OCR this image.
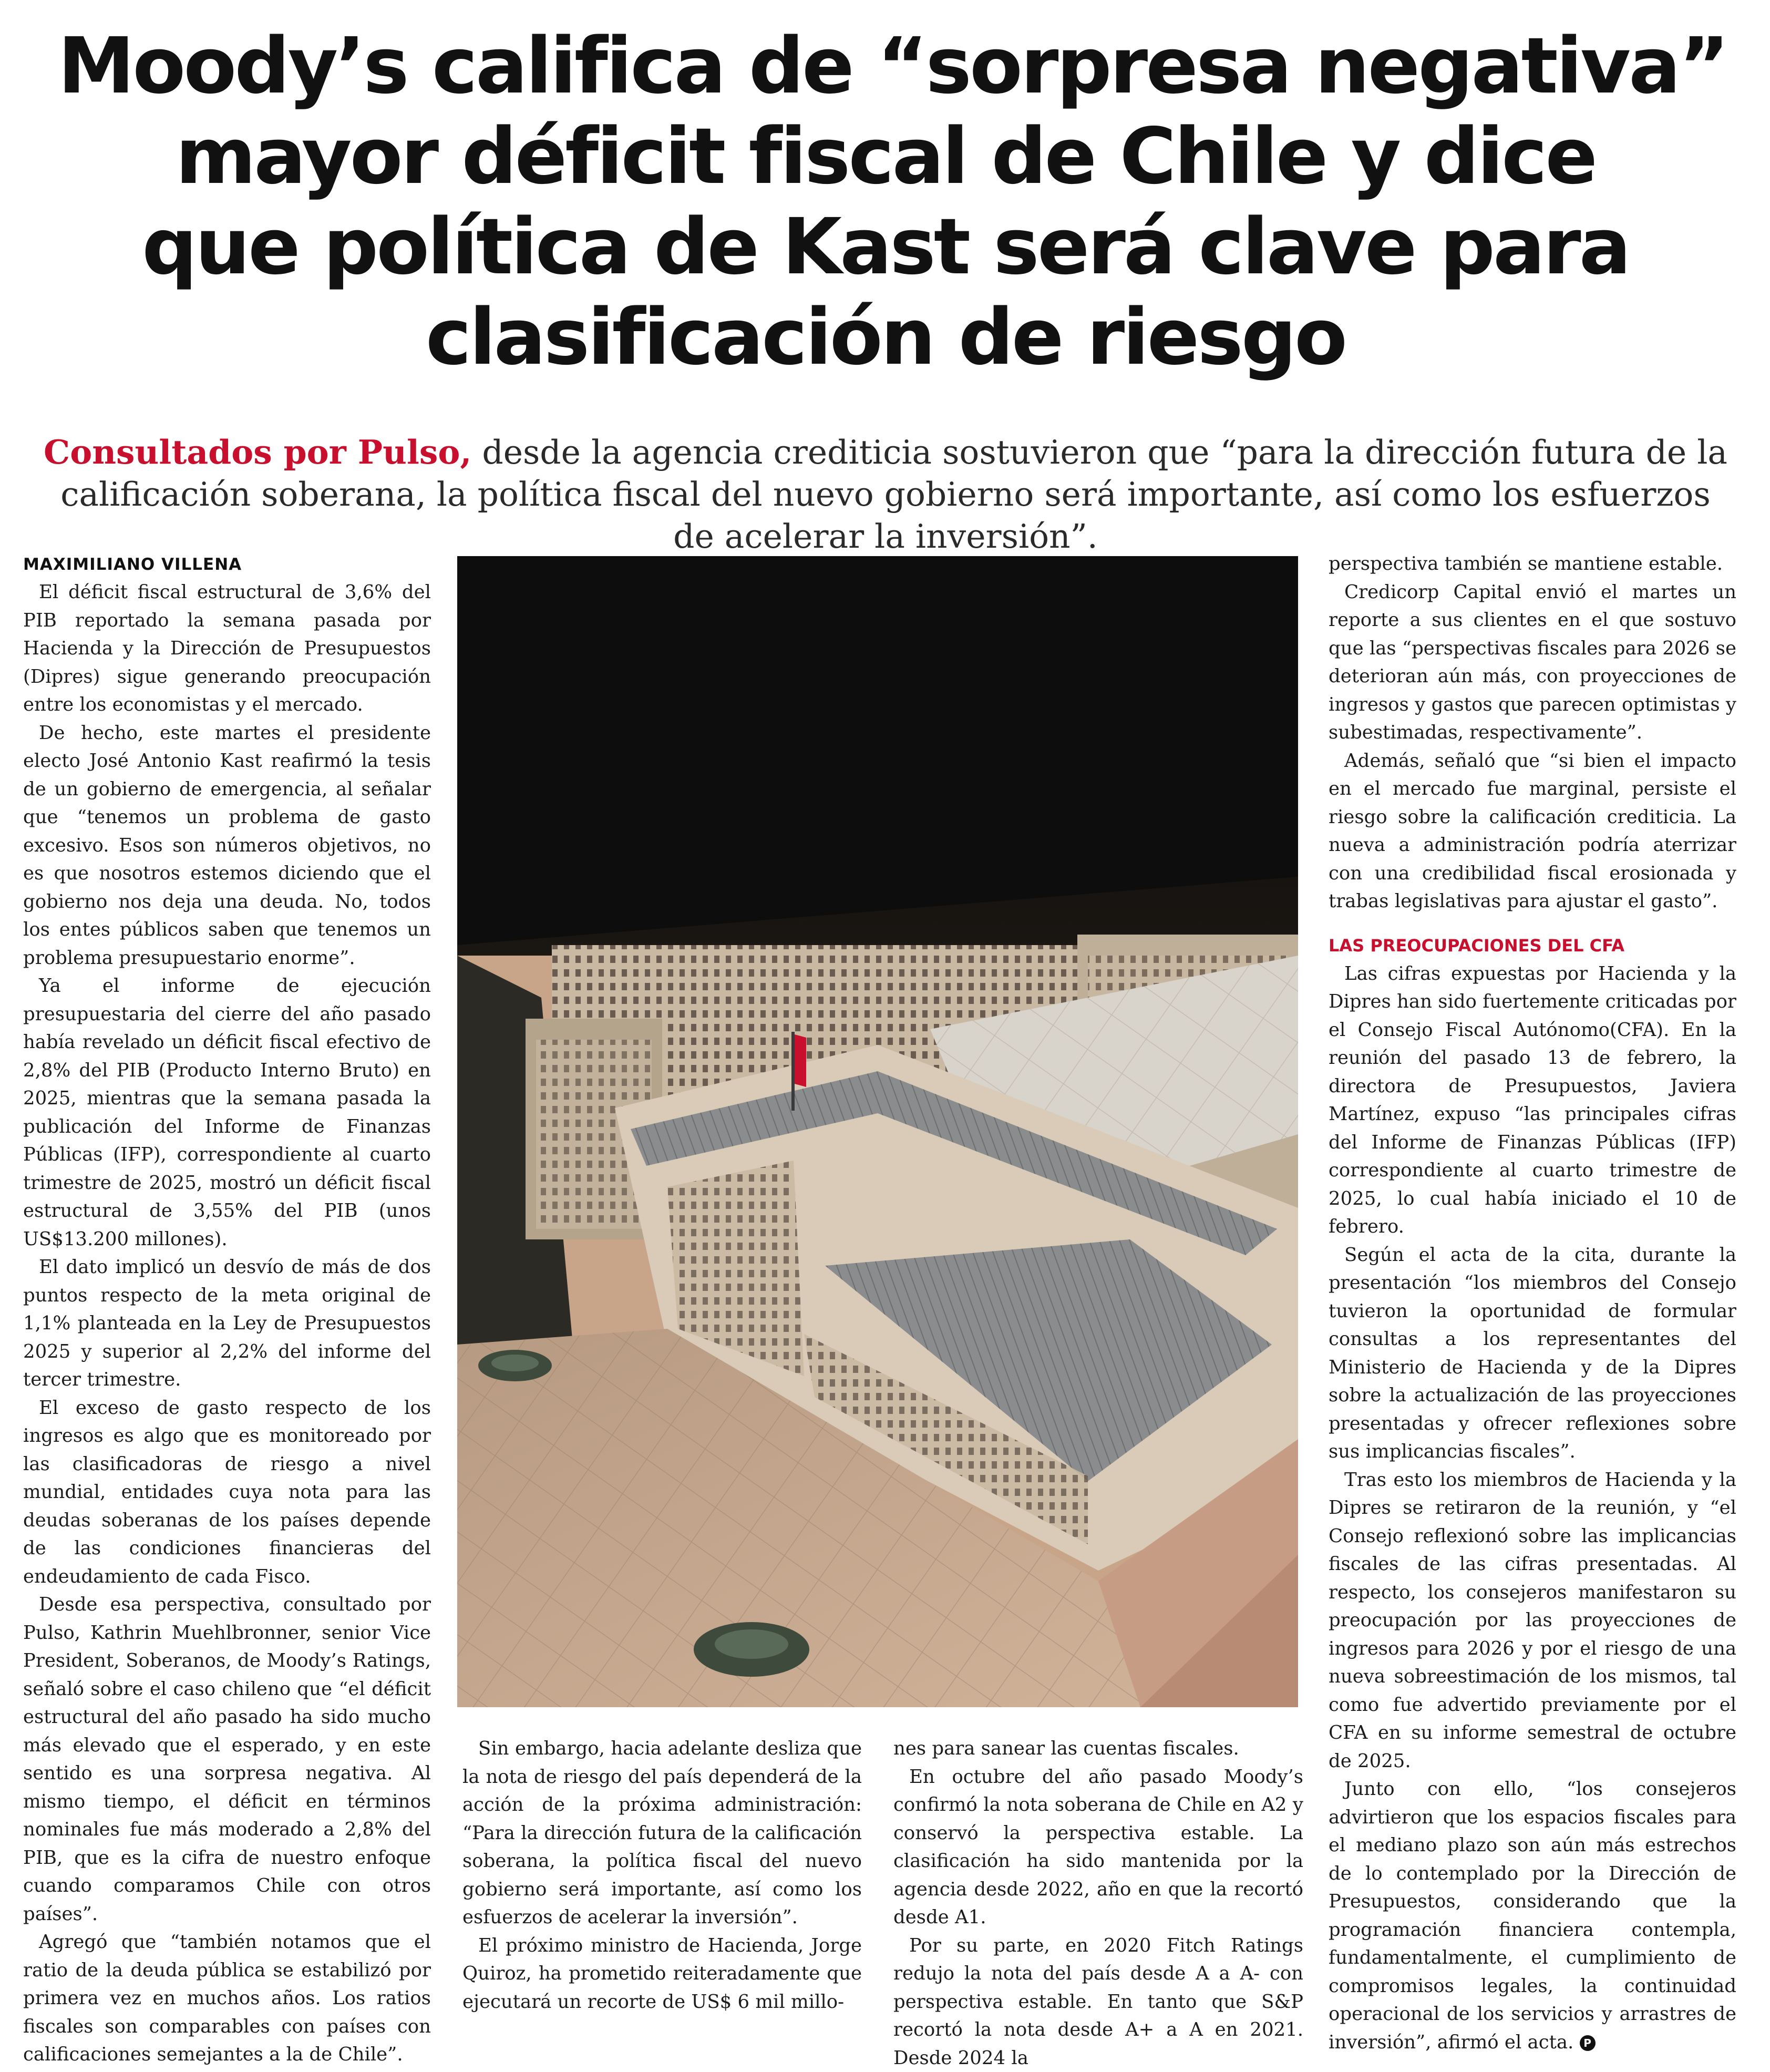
Moody’s califica de “sorpresa negativa”
mayor déficit fiscal de Chile y dice
que política de Kast será clave para
clasificación de riesgo
Consultados por Pulso, desde la agencia crediticia sostuvieron que “para la dirección futura de la calificación soberana, la política fiscal del nuevo gobierno será importante, así como los esfuerzos de acelerar la inversión”.
MAXIMILIANO VILLENA

El déficit fiscal estructural de 3,6% del PIB reportado la semana pasada por Hacienda y la Dirección de Presupuestos (Dipres) sigue generando preocupación entre los economistas y el mercado.

De hecho, este martes el presidente electo José Antonio Kast reafirmó la tesis de un gobierno de emergencia, al señalar que “tenemos un problema de gasto excesivo. Esos son números objetivos, no es que nosotros estemos diciendo que el gobierno nos deja una deuda. No, todos los entes públicos saben que tenemos un problema presupuestario enorme”.

Ya el informe de ejecución presupuestaria del cierre del año pasado había revelado un déficit fiscal efectivo de 2,8% del PIB (Producto Interno Bruto) en 2025, mientras que la semana pasada la publicación del Informe de Finanzas Públicas (IFP), correspondiente al cuarto trimestre de 2025, mostró un déficit fiscal estructural de 3,55% del PIB (unos US$13.200 millones).

El dato implicó un desvío de más de dos puntos respecto de la meta original de 1,1% planteada en la Ley de Presupuestos 2025 y superior al 2,2% del informe del tercer trimestre.

El exceso de gasto respecto de los ingresos es algo que es monitoreado por las clasificadoras de riesgo a nivel mundial, entidades cuya nota para las deudas soberanas de los países depende de las condiciones financieras del endeudamiento de cada Fisco.

Desde esa perspectiva, consultado por Pulso, Kathrin Muehlbronner, senior Vice President, Soberanos, de Moody’s Ratings, señaló sobre el caso chileno que “el déficit estructural del año pasado ha sido mucho más elevado que el esperado, y en este sentido es una sorpresa negativa. Al mismo tiempo, el déficit en términos nominales fue más moderado a 2,8% del PIB, que es la cifra de nuestro enfoque cuando comparamos Chile con otros países”.

Agregó que “también notamos que el ratio de la deuda pública se estabilizó por primera vez en muchos años. Los ratios fiscales son comparables con países con calificaciones semejantes a la de Chile”.

Sin embargo, hacia adelante desliza que la nota de riesgo del país dependerá de la acción de la próxima administración: “Para la dirección futura de la calificación soberana, la política fiscal del nuevo gobierno será importante, así como los esfuerzos de acelerar la inversión”.

El próximo ministro de Hacienda, Jorge Quiroz, ha prometido reiteradamente que ejecutará un recorte de US$ 6 mil millo-

nes para sanear las cuentas fiscales.

En octubre del año pasado Moody’s confirmó la nota soberana de Chile en A2 y conservó la perspectiva estable. La clasificación ha sido mantenida por la agencia desde 2022, año en que la recortó desde A1.

Por su parte, en 2020 Fitch Ratings redujo la nota del país desde A a A- con perspectiva estable. En tanto que S&P recortó la nota desde A+ a A en 2021. Desde 2024 la

perspectiva también se mantiene estable.

Credicorp Capital envió el martes un reporte a sus clientes en el que sostuvo que las “perspectivas fiscales para 2026 se deterioran aún más, con proyecciones de ingresos y gastos que parecen optimistas y subestimadas, respectivamente”.

Además, señaló que “si bien el impacto en el mercado fue marginal, persiste el riesgo sobre la calificación crediticia. La nueva a administración podría aterrizar con una credibilidad fiscal erosionada y trabas legislativas para ajustar el gasto”.

LAS PREOCUPACIONES DEL CFA

Las cifras expuestas por Hacienda y la Dipres han sido fuertemente criticadas por el Consejo Fiscal Autónomo(CFA). En la reunión del pasado 13 de febrero, la directora de Presupuestos, Javiera Martínez, expuso “las principales cifras del Informe de Finanzas Públicas (IFP) correspondiente al cuarto trimestre de 2025, lo cual había iniciado el 10 de febrero.

Según el acta de la cita, durante la presentación “los miembros del Consejo tuvieron la oportunidad de formular consultas a los representantes del Ministerio de Hacienda y de la Dipres sobre la actualización de las proyecciones presentadas y ofrecer reflexiones sobre sus implicancias fiscales”.

Tras esto los miembros de Hacienda y la Dipres se retiraron de la reunión, y “el Consejo reflexionó sobre las implicancias fiscales de las cifras presentadas. Al respecto, los consejeros manifestaron su preocupación por las proyecciones de ingresos para 2026 y por el riesgo de una nueva sobreestimación de los mismos, tal como fue advertido previamente por el CFA en su informe semestral de octubre de 2025.

Junto con ello, “los consejeros advirtieron que los espacios fiscales para el mediano plazo son aún más estrechos de lo contemplado por la Dirección de Presupuestos, considerando que la programación financiera contempla, fundamentalmente, el cumplimiento de compromisos legales, la continuidad operacional de los servicios y arrastres de inversión”, afirmó el acta. P
